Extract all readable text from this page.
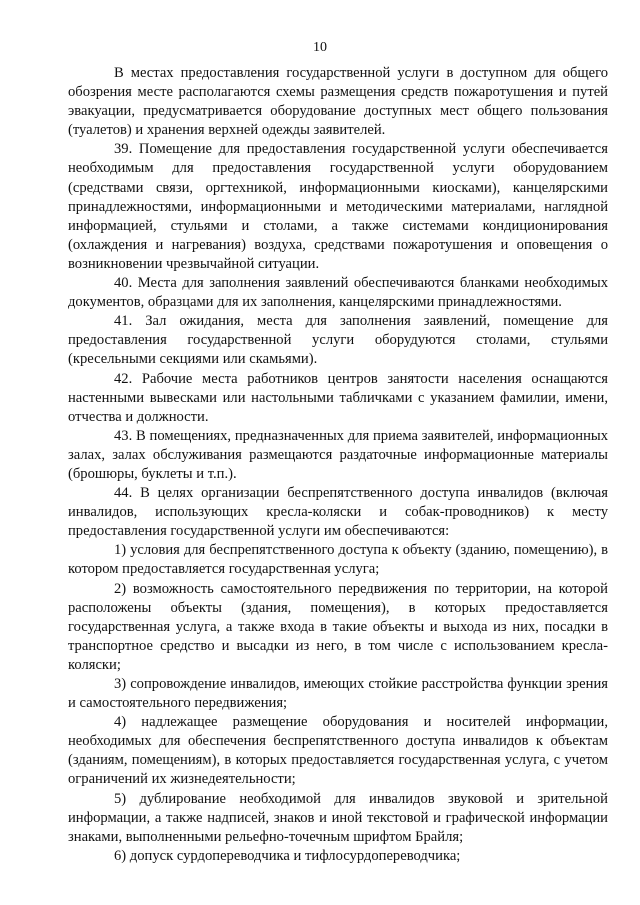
10

В местах предоставления государственной услуги в доступном для общего обозрения месте располагаются схемы размещения средств пожаротушения и путей эвакуации, предусматривается оборудование доступных мест общего пользования (туалетов) и хранения верхней одежды заявителей.

39. Помещение для предоставления государственной услуги обеспечивается необходимым для предоставления государственной услуги оборудованием (средствами связи, оргтехникой, информационными киосками), канцелярскими принадлежностями, информационными и методическими материалами, наглядной информацией, стульями и столами, а также системами кондиционирования (охлаждения и нагревания) воздуха, средствами пожаротушения и оповещения о возникновении чрезвычайной ситуации.

40. Места для заполнения заявлений обеспечиваются бланками необходимых документов, образцами для их заполнения, канцелярскими принадлежностями.

41. Зал ожидания, места для заполнения заявлений, помещение для предоставления государственной услуги оборудуются столами, стульями (кресельными секциями или скамьями).

42. Рабочие места работников центров занятости населения оснащаются настенными вывесками или настольными табличками с указанием фамилии, имени, отчества и должности.

43. В помещениях, предназначенных для приема заявителей, информационных залах, залах обслуживания размещаются раздаточные информационные материалы (брошюры, буклеты и т.п.).

44. В целях организации беспрепятственного доступа инвалидов (включая инвалидов, использующих кресла-коляски и собак-проводников) к месту предоставления государственной услуги им обеспечиваются:

1) условия для беспрепятственного доступа к объекту (зданию, помещению), в котором предоставляется государственная услуга;

2) возможность самостоятельного передвижения по территории, на которой расположены объекты (здания, помещения), в которых предоставляется государственная услуга, а также входа в такие объекты и выхода из них, посадки в транспортное средство и высадки из него, в том числе с использованием кресла-коляски;

3) сопровождение инвалидов, имеющих стойкие расстройства функции зрения и самостоятельного передвижения;

4) надлежащее размещение оборудования и носителей информации, необходимых для обеспечения беспрепятственного доступа инвалидов к объектам (зданиям, помещениям), в которых предоставляется государственная услуга, с учетом ограничений их жизнедеятельности;

5) дублирование необходимой для инвалидов звуковой и зрительной информации, а также надписей, знаков и иной текстовой и графической информации знаками, выполненными рельефно-точечным шрифтом Брайля;

6) допуск сурдопереводчика и тифлосурдопереводчика;
